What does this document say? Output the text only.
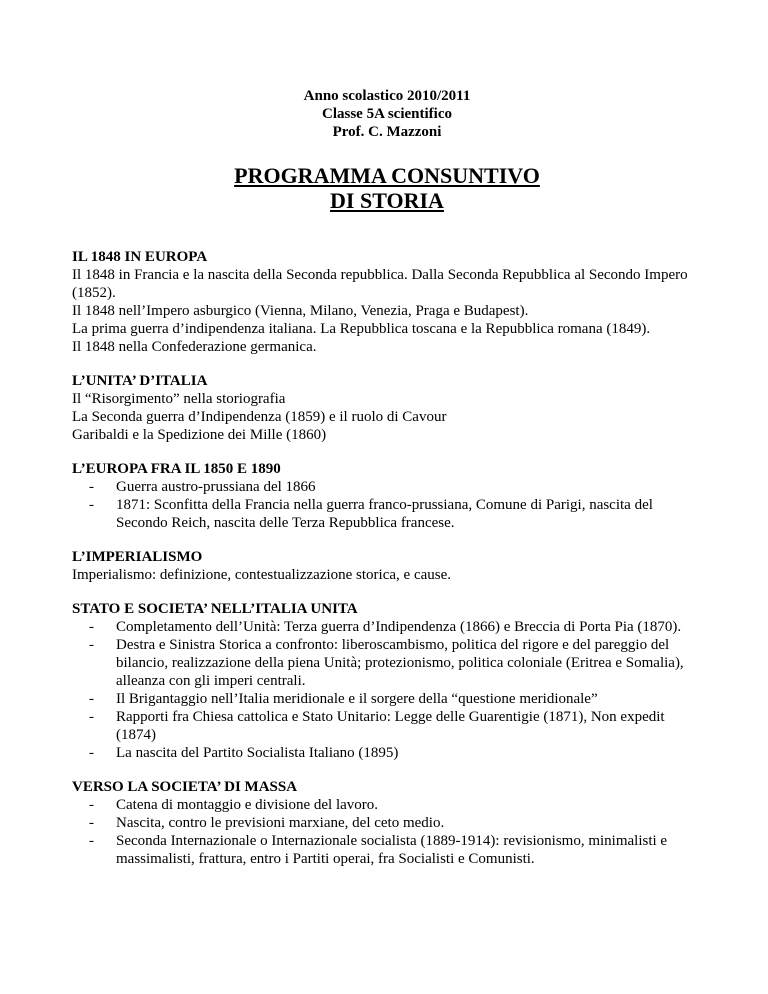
Anno scolastico 2010/2011
Classe 5A scientifico
Prof. C. Mazzoni
PROGRAMMA CONSUNTIVO
DI STORIA
IL 1848 IN EUROPA
Il 1848 in Francia e la nascita della Seconda repubblica. Dalla Seconda Repubblica al Secondo Impero (1852).
Il 1848 nell’Impero asburgico (Vienna, Milano, Venezia, Praga e Budapest).
La prima guerra d’indipendenza italiana. La Repubblica toscana e la Repubblica romana (1849).
Il 1848 nella Confederazione germanica.
L’UNITA’ D’ITALIA
Il “Risorgimento” nella storiografia
La Seconda guerra d’Indipendenza (1859) e il ruolo di Cavour
Garibaldi e la Spedizione dei Mille (1860)
L’EUROPA FRA IL 1850 E 1890
- Guerra austro-prussiana del 1866
- 1871: Sconfitta della Francia nella guerra franco-prussiana, Comune di Parigi, nascita del Secondo Reich, nascita delle Terza Repubblica francese.
L’IMPERIALISMO
Imperialismo: definizione, contestualizzazione storica, e cause.
STATO E SOCIETA’ NELL’ITALIA UNITA
- Completamento dell’Unità: Terza guerra d’Indipendenza (1866) e Breccia di Porta Pia (1870).
- Destra e Sinistra Storica a confronto: liberoscambismo, politica del rigore e del pareggio del bilancio, realizzazione della piena Unità; protezionismo, politica coloniale (Eritrea e Somalia), alleanza con gli imperi centrali.
- Il Brigantaggio nell’Italia meridionale e il sorgere della “questione meridionale”
- Rapporti fra Chiesa cattolica e Stato Unitario: Legge delle Guarentigie (1871), Non expedit (1874)
- La nascita del Partito Socialista Italiano (1895)
VERSO LA SOCIETA’ DI MASSA
- Catena di montaggio e divisione del lavoro.
- Nascita, contro le previsioni marxiane, del ceto medio.
- Seconda Internazionale o Internazionale socialista (1889-1914): revisionismo, minimalisti e massimalisti, frattura, entro i Partiti operai, fra Socialisti e Comunisti.
